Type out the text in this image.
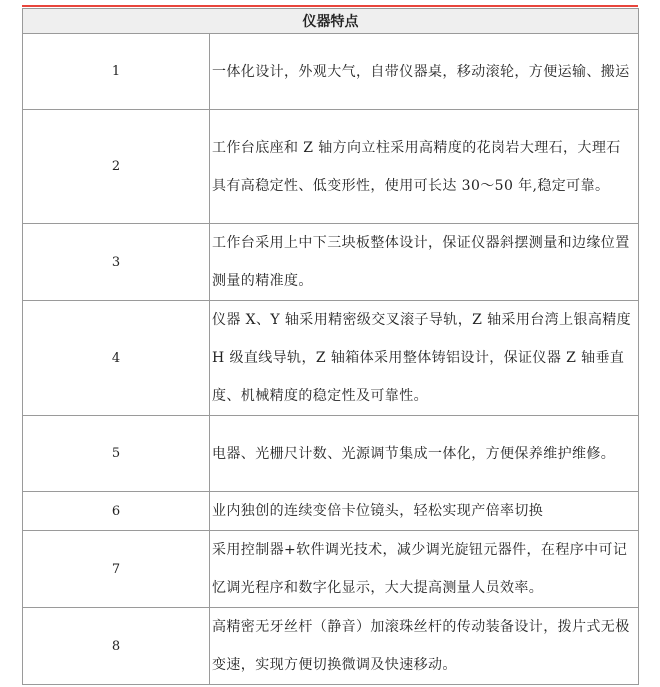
仪器特点	
1	一体化设计，外观大气，自带仪器桌，移动滚轮，方便运输、搬运
2	工作台底座和 Z 轴方向立柱采用高精度的花岗岩大理石，大理石具有高稳定性、低变形性，使用可长达 30～50 年,稳定可靠。
3	工作台采用上中下三块板整体设计，保证仪器斜摆测量和边缘位置测量的精准度。
4	仪器 X、Y 轴采用精密级交叉滚子导轨，Z 轴采用台湾上银高精度 H 级直线导轨，Z 轴箱体采用整体铸铝设计，保证仪器 Z 轴垂直度、机械精度的稳定性及可靠性。
5	电器、光栅尺计数、光源调节集成一体化，方便保养维护维修。
6	业内独创的连续变倍卡位镜头，轻松实现产倍率切换
7	采用控制器+软件调光技术，减少调光旋钮元器件，在程序中可记忆调光程序和数字化显示，大大提高测量人员效率。
8	高精密无牙丝杆（静音）加滚珠丝杆的传动装备设计，拨片式无极变速，实现方便切换微调及快速移动。
